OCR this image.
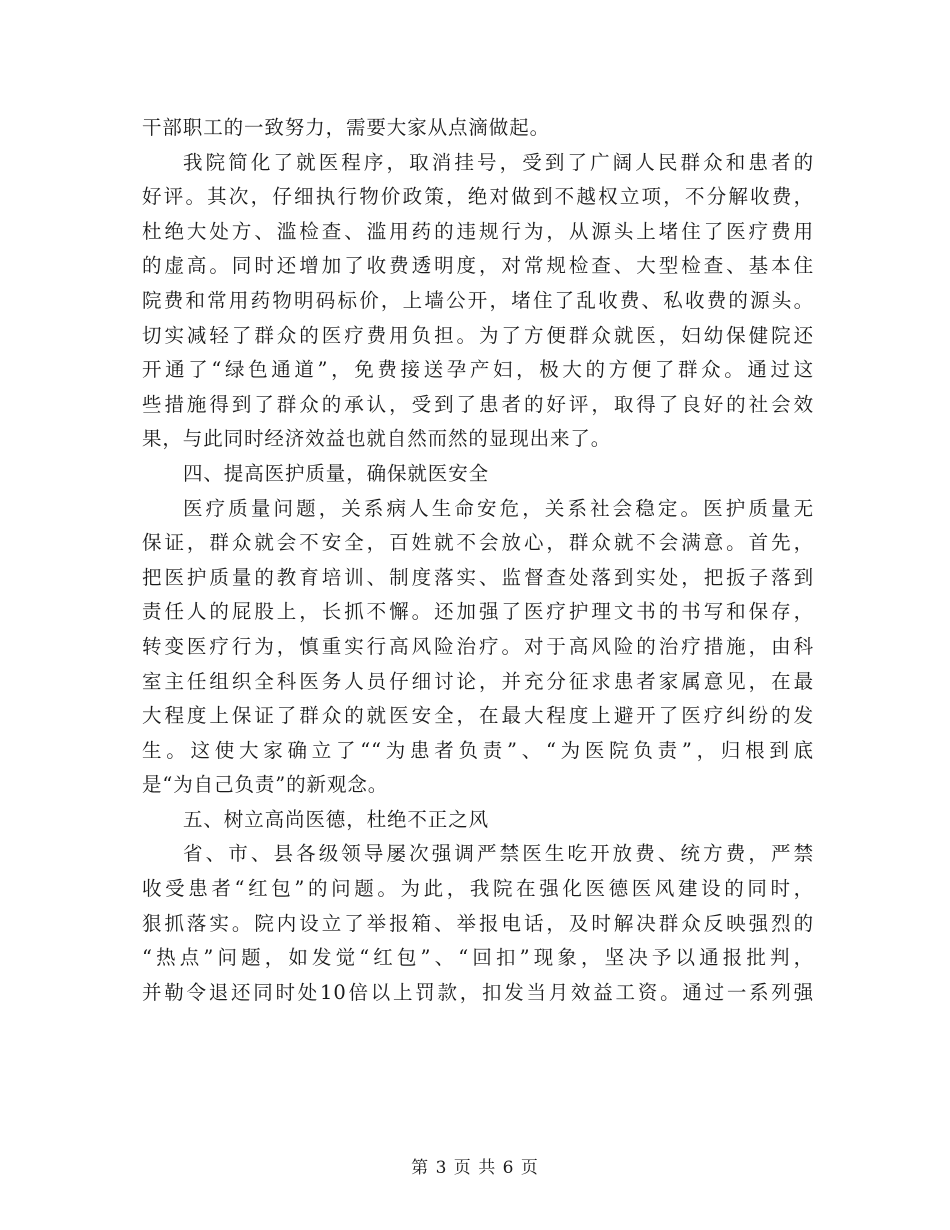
干部职工的一致努力，需要大家从点滴做起。
我院简化了就医程序，取消挂号，受到了广阔人民群众和患者的
好评。其次，仔细执行物价政策，绝对做到不越权立项，不分解收费，
杜绝大处方、滥检查、滥用药的违规行为，从源头上堵住了医疗费用
的虚高。同时还增加了收费透明度，对常规检查、大型检查、基本住
院费和常用药物明码标价，上墙公开，堵住了乱收费、私收费的源头。
切实减轻了群众的医疗费用负担。为了方便群众就医，妇幼保健院还
开通了“绿色通道”，免费接送孕产妇，极大的方便了群众。通过这
些措施得到了群众的承认，受到了患者的好评，取得了良好的社会效
果，与此同时经济效益也就自然而然的显现出来了。
四、提高医护质量，确保就医安全
医疗质量问题，关系病人生命安危，关系社会稳定。医护质量无
保证，群众就会不安全，百姓就不会放心，群众就不会满意。首先，
把医护质量的教育培训、制度落实、监督查处落到实处，把扳子落到
责任人的屁股上，长抓不懈。还加强了医疗护理文书的书写和保存，
转变医疗行为，慎重实行高风险治疗。对于高风险的治疗措施，由科
室主任组织全科医务人员仔细讨论，并充分征求患者家属意见，在最
大程度上保证了群众的就医安全，在最大程度上避开了医疗纠纷的发
生。这使大家确立了““为患者负责”、“为医院负责”，归根到底
是“为自己负责”的新观念。
五、树立高尚医德，杜绝不正之风
省、市、县各级领导屡次强调严禁医生吃开放费、统方费，严禁
收受患者“红包”的问题。为此，我院在强化医德医风建设的同时，
狠抓落实。院内设立了举报箱、举报电话，及时解决群众反映强烈的
“热点”问题，如发觉“红包”、“回扣”现象，坚决予以通报批判，
并勒令退还同时处10倍以上罚款，扣发当月效益工资。通过一系列强
第 3 页 共 6 页
